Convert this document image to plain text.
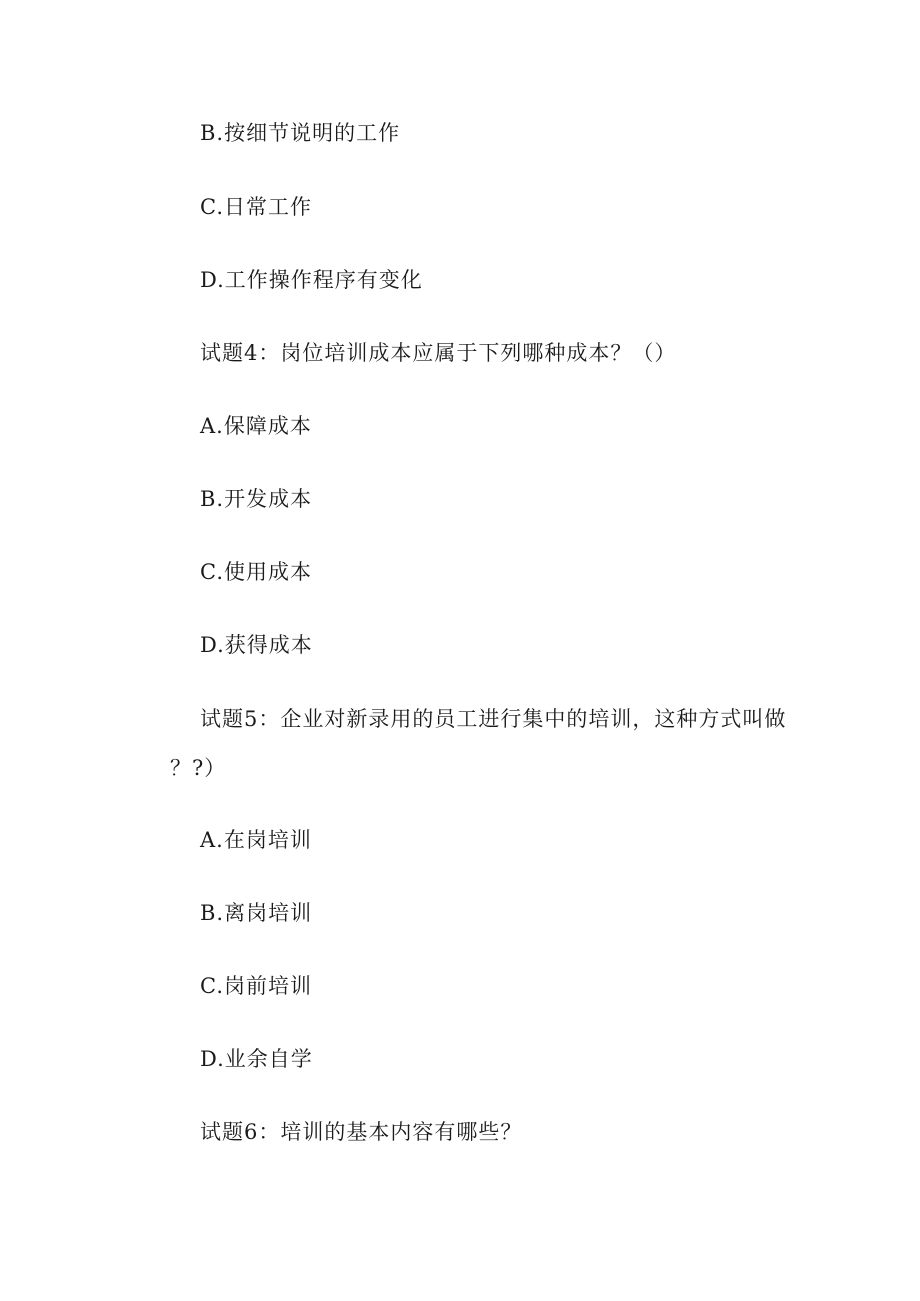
B.按细节说明的工作
C.日常工作
D.工作操作程序有变化
试题4：岗位培训成本应属于下列哪种成本？（）
A.保障成本
B.开发成本
C.使用成本
D.获得成本
试题5：企业对新录用的员工进行集中的培训，这种方式叫做
？?）
A.在岗培训
B.离岗培训
C.岗前培训
D.业余自学
试题6：培训的基本内容有哪些？
